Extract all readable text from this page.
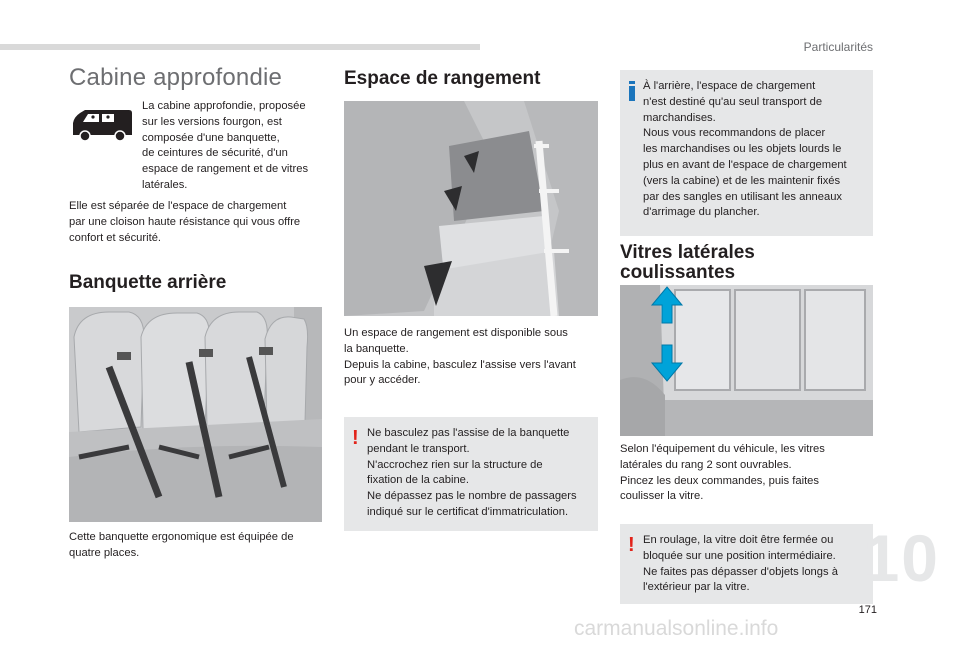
Particularités
Cabine approfondie
La cabine approfondie, proposée
sur les versions fourgon, est
composée d'une banquette,
de ceintures de sécurité, d'un
espace de rangement et de vitres
latérales.
Elle est séparée de l'espace de chargement
par une cloison haute résistance qui vous offre
confort et sécurité.
Banquette arrière
Cette banquette ergonomique est équipée de
quatre places.
Espace de rangement
Un espace de rangement est disponible sous
la banquette.
Depuis la cabine, basculez l'assise vers l'avant
pour y accéder.
! Ne basculez pas l'assise de la banquette
pendant le transport.
N'accrochez rien sur la structure de
fixation de la cabine.
Ne dépassez pas le nombre de passagers
indiqué sur le certificat d'immatriculation.
À l'arrière, l'espace de chargement
n'est destiné qu'au seul transport de
marchandises.
Nous vous recommandons de placer
les marchandises ou les objets lourds le
plus en avant de l'espace de chargement
(vers la cabine) et de les maintenir fixés
par des sangles en utilisant les anneaux
d'arrimage du plancher.
Vitres latérales
coulissantes
Selon l'équipement du véhicule, les vitres
latérales du rang 2 sont ouvrables.
Pincez les deux commandes, puis faites
coulisser la vitre.
! En roulage, la vitre doit être fermée ou
bloquée sur une position intermédiaire.
Ne faites pas dépasser d'objets longs à
l'extérieur par la vitre.	10
171
carmanualsonline.info
